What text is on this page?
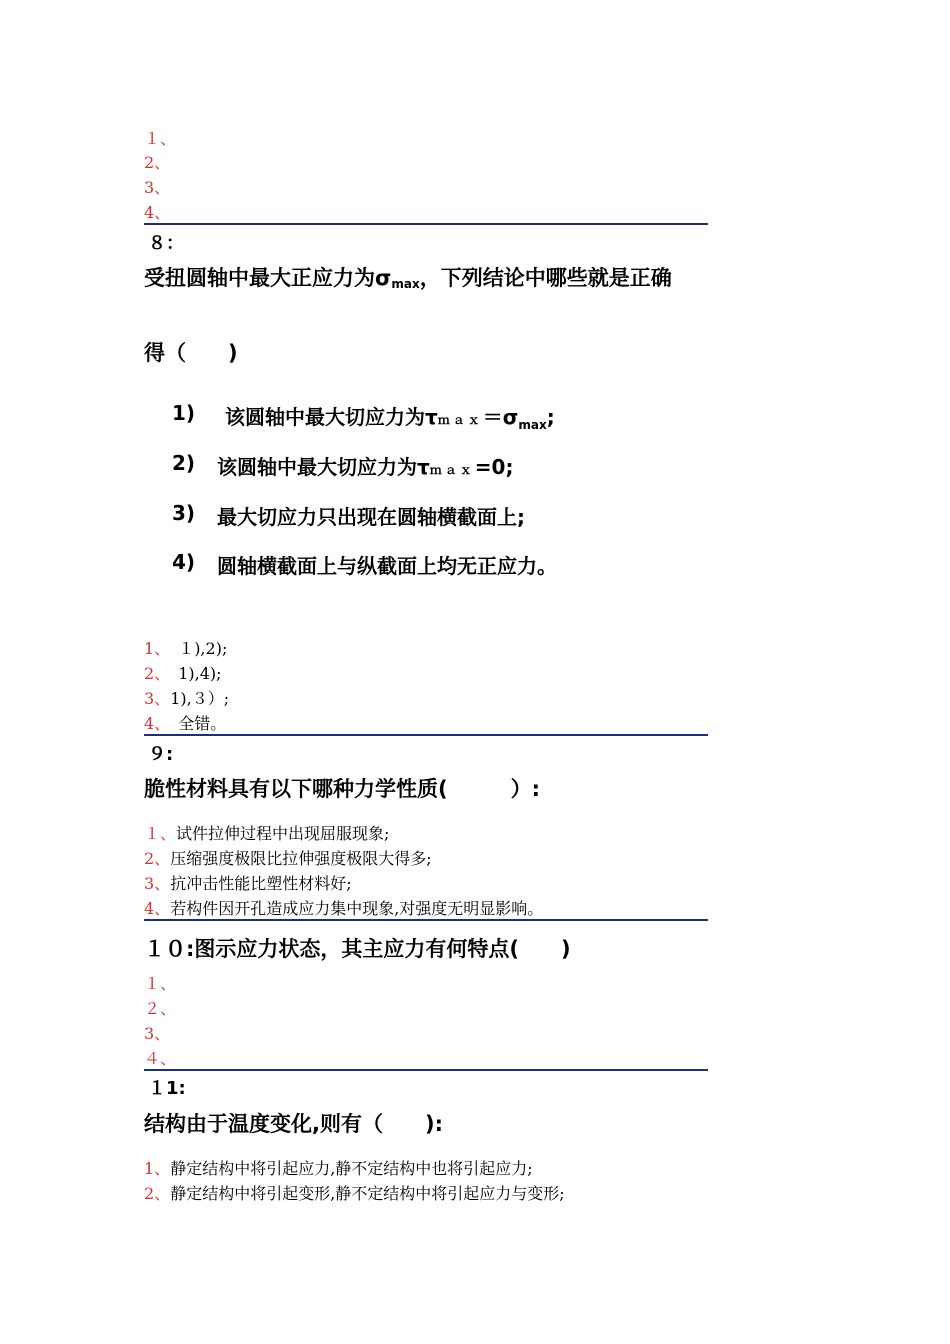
１、
2、
3、
4、
８：
受扭圆轴中最大正应力为$\sigma_{max}$，下列结论中哪些就是正确
得（　　)
1) 该圆轴中最大切应力为$\tau max=\sigma_{max}$;
2) 该圆轴中最大切应力为τｍａｘ=0;
3) 最大切应力只出现在圆轴横截面上;
4) 圆轴横截面上与纵截面上均无正应力。
1、　１),2);
2、　1),4);
3、1),３）;
4、　全错。
９:
脆性材料具有以下哪种力学性质(　　　）:
１、试件拉伸过程中出现屈服现象;
2、压缩强度极限比拉伸强度极限大得多;
3、抗冲击性能比塑性材料好;
4、若构件因开孔造成应力集中现象,对强度无明显影响。
１０:图示应力状态，其主应力有何特点(　　)
１、
２、
3、
４、
１1:
结构由于温度变化,则有（　　):
1、静定结构中将引起应力,静不定结构中也将引起应力;
2、静定结构中将引起变形,静不定结构中将引起应力与变形;
